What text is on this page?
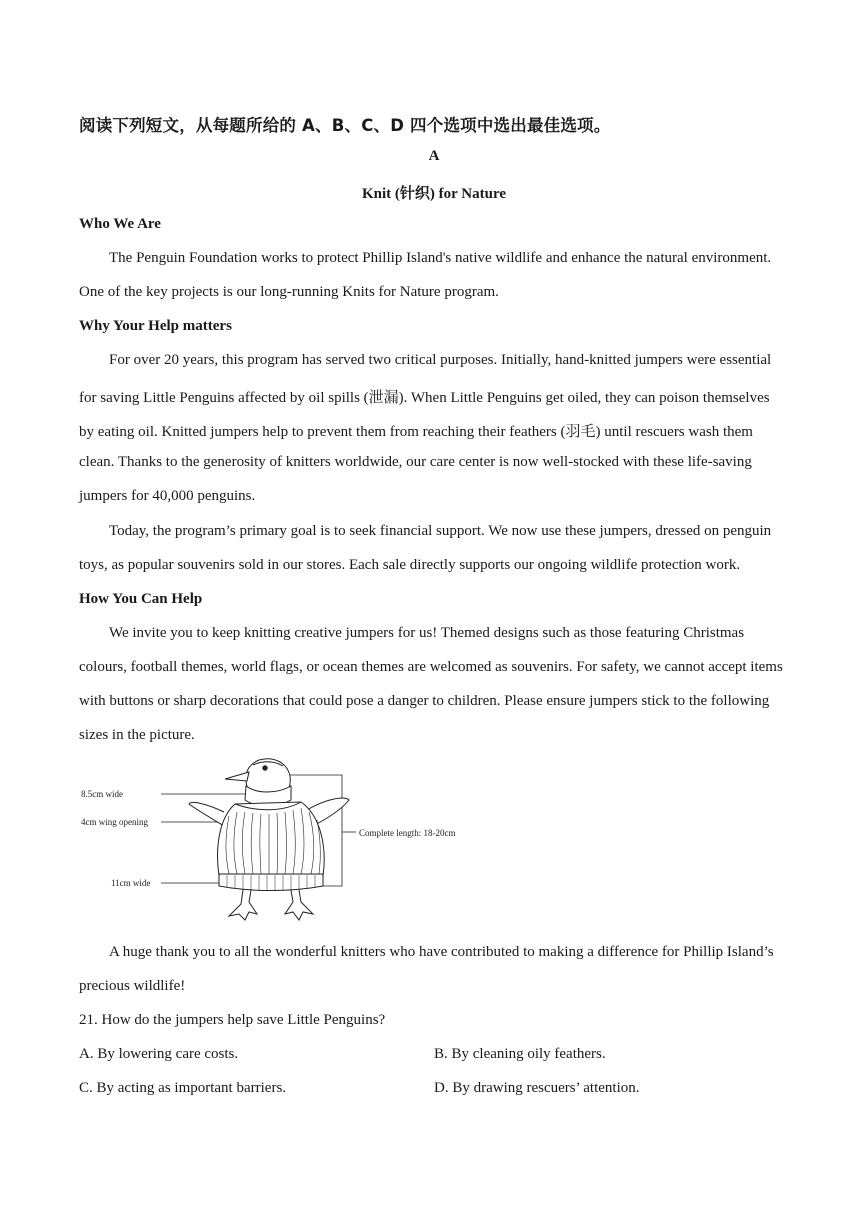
阅读下列短文，从每题所给的 A、B、C、D 四个选项中选出最佳选项。
A
Knit (针织) for Nature
Who We Are
The Penguin Foundation works to protect Phillip Island's native wildlife and enhance the natural environment.
One of the key projects is our long-running Knits for Nature program.
Why Your Help matters
For over 20 years, this program has served two critical purposes. Initially, hand-knitted jumpers were essential
for saving Little Penguins affected by oil spills (泄漏). When Little Penguins get oiled, they can poison themselves
by eating oil. Knitted jumpers help to prevent them from reaching their feathers (羽毛) until rescuers wash them
clean. Thanks to the generosity of knitters worldwide, our care center is now well-stocked with these life-saving
jumpers for 40,000 penguins.
Today, the program’s primary goal is to seek financial support. We now use these jumpers, dressed on penguin
toys, as popular souvenirs sold in our stores. Each sale directly supports our ongoing wildlife protection work.
How You Can Help
We invite you to keep knitting creative jumpers for us! Themed designs such as those featuring Christmas
colours, football themes, world flags, or ocean themes are welcomed as souvenirs. For safety, we cannot accept items
with buttons or sharp decorations that could pose a danger to children. Please ensure jumpers stick to the following
sizes in the picture.
8.5cm wide
4cm wing opening
11cm wide
Complete length: 18-20cm
A huge thank you to all the wonderful knitters who have contributed to making a difference for Phillip Island’s
precious wildlife!
21. How do the jumpers help save Little Penguins?
A. By lowering care costs.	B. By cleaning oily feathers.
C. By acting as important barriers.	D. By drawing rescuers’ attention.
